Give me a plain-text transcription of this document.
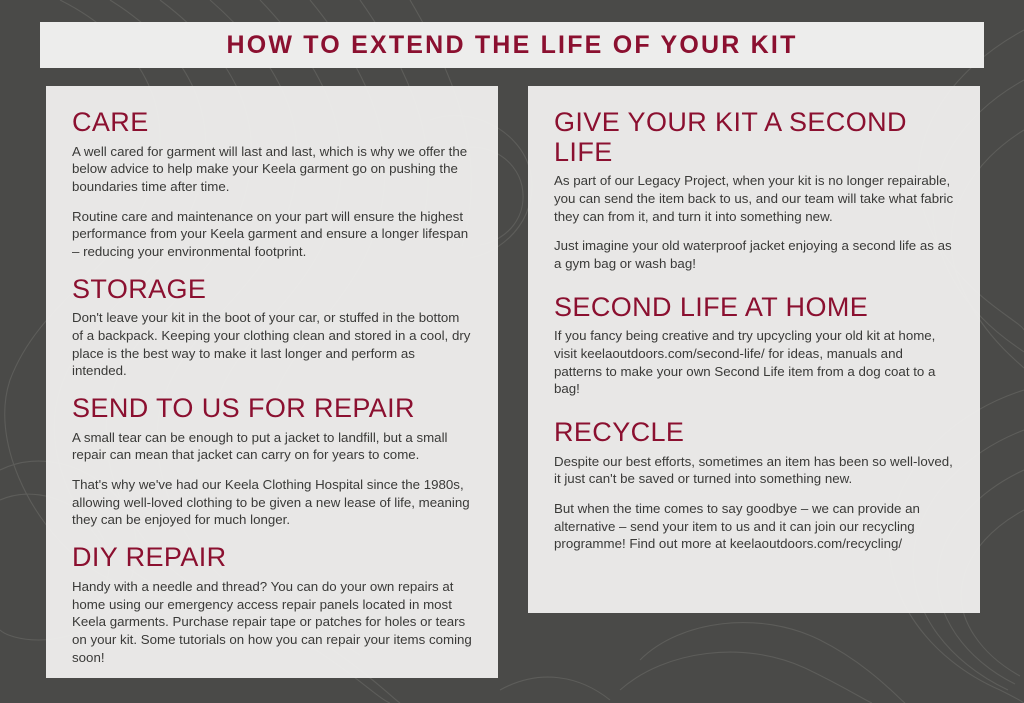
HOW TO EXTEND THE LIFE OF YOUR KIT
CARE

A well cared for garment will last and last, which is why we offer the below advice to help make your Keela garment go on pushing the boundaries time after time.

Routine care and maintenance on your part will ensure the highest performance from your Keela garment and ensure a longer lifespan – reducing your environmental footprint.

STORAGE

Don't leave your kit in the boot of your car, or stuffed in the bottom of a backpack. Keeping your clothing clean and stored in a cool, dry place is the best way to make it last longer and perform as intended.

SEND TO US FOR REPAIR

A small tear can be enough to put a jacket to landfill, but a small repair can mean that jacket can carry on for years to come.

That's why we've had our Keela Clothing Hospital since the 1980s, allowing well-loved clothing to be given a new lease of life, meaning they can be enjoyed for much longer.

DIY REPAIR

Handy with a needle and thread? You can do your own repairs at home using our emergency access repair panels located in most Keela garments. Purchase repair tape or patches for holes or tears on your kit. Some tutorials on how you can repair your items coming soon!

GIVE YOUR KIT A SECOND LIFE

As part of our Legacy Project, when your kit is no longer repairable, you can send the item back to us, and our team will take what fabric they can from it, and turn it into something new.

Just imagine your old waterproof jacket enjoying a second life as as a gym bag or wash bag!

SECOND LIFE AT HOME

If you fancy being creative and try upcycling your old kit at home, visit keelaoutdoors.com/second-life/ for ideas, manuals and patterns to make your own Second Life item from a dog coat to a bag!

RECYCLE

Despite our best efforts, sometimes an item has been so well-loved, it just can't be saved or turned into something new.

But when the time comes to say goodbye – we can provide an alternative – send your item to us and it can join our recycling programme! Find out more at keelaoutdoors.com/recycling/
